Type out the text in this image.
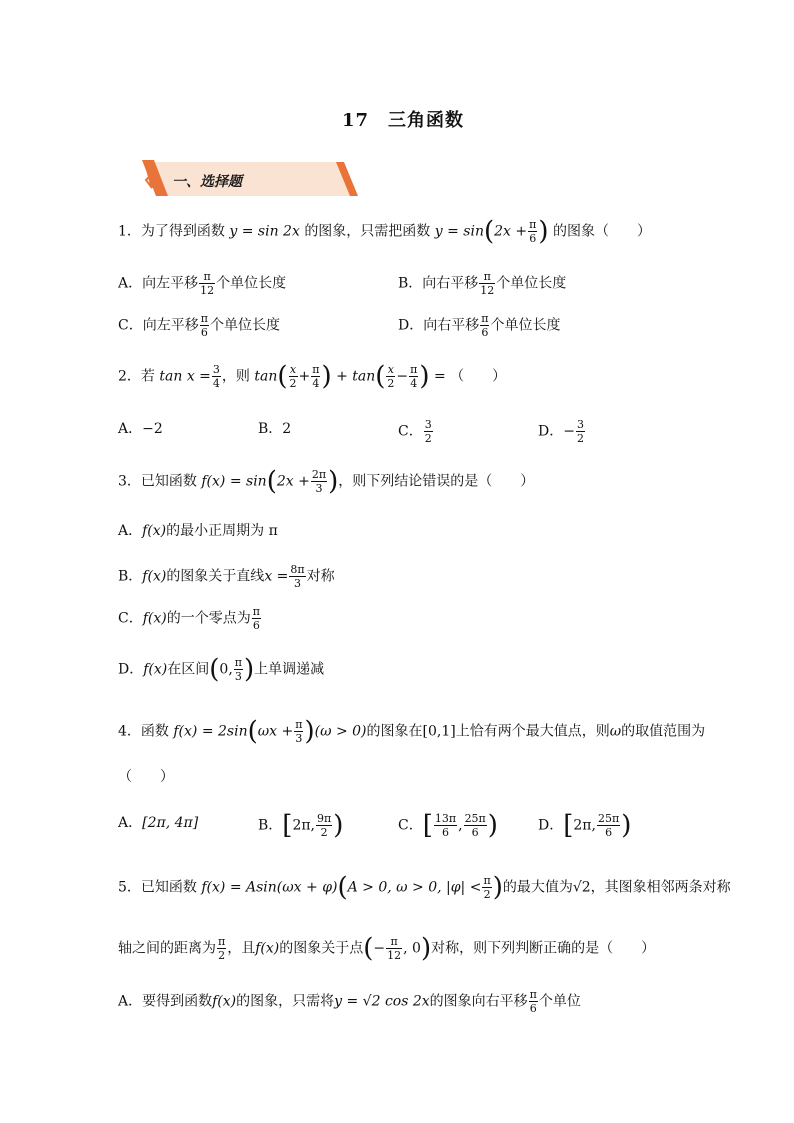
17　三角函数
一、选择题
1．为了得到函数 y = sin 2x 的图象，只需把函数 $y = \sin(2x + \frac{\pi}{6}$ ) 的图象（　　）
A．向左平移 $\frac{\pi}{12}$ 个单位长度	B．向右平移 $\frac{\pi}{12}$ 个单位长度
C．向左平移 $\frac{\pi}{6}$ 个单位长度	D．向右平移 $\frac{\pi}{6}$ 个单位长度
2．若 $\tan x = \frac{3}{4}$ ，则 $\tan( \frac{x}{2} + \frac{\pi}{4}$ ) + $\tan( \frac{x}{2} - \frac{\pi}{4}$ ) = （　　）
A．−2	B．2	C． $\frac{3}{2}$	D．− $\frac{3}{2}$
3．已知函数 $f(x) = \sin(2x + \frac{2\pi}{3}$ )，则下列结论错误的是（　　）
A．f(x)的最小正周期为 π
B．f(x)的图象关于直线$x = \frac{8\pi}{3}$ 对称
C．f(x)的一个零点为 $\frac{\pi}{6}$
D．f(x)在区间(0, $\frac{\pi}{3}$ )上单调递减
4．函数 $f(x) = 2\sin(\omega x + \frac{\pi}{3} )(\omega > 0)$的图象在[0,1]上恰有两个最大值点，则ω的取值范围为
（　　）
A．[2π, 4π]	B．[2π, $\frac{9\pi}{2}$ )	C．[ $\frac{13\pi}{6}$ , $\frac{25\pi}{6}$ )	D．[2π, $\frac{25\pi}{6}$ )
5．已知函数 f(x) = Asin(ωx + φ)(A > 0, ω > 0, $|\varphi| < \frac{\pi}{2}$ )的最大值为√2，其图象相邻两条对称
轴之间的距离为 $\frac{\pi}{2}$ ，且f(x)的图象关于点(− $\frac{\pi}{12}$ , 0)对称，则下列判断正确的是（　　）
A．要得到函数f(x)的图象，只需将y = √2 cos 2x的图象向右平移 $\frac{\pi}{6}$ 个单位
